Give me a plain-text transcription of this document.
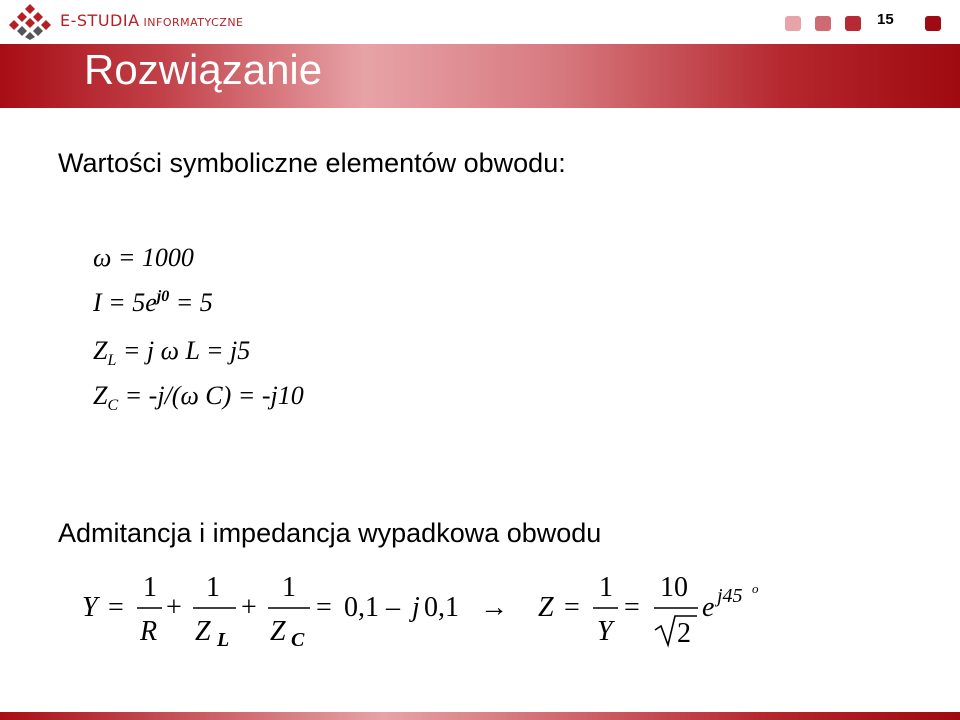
E-STUDIA INFORMATYCZNE	15
Rozwiązanie
Wartości symboliczne elementów obwodu:
ω = 1000
$I = 5e^{j0} = 5$
$Z_L = j$ ω L = j5
$Z_C = -j/(\omega$ C) = -j10
Admitancja i impedancja wypadkowa obwodu
Y =
1
R
+
1
Z L
+
1
Z C
= 0,1 – j 0,1 → Z =
1
Y
=
10
2
e j45 o
